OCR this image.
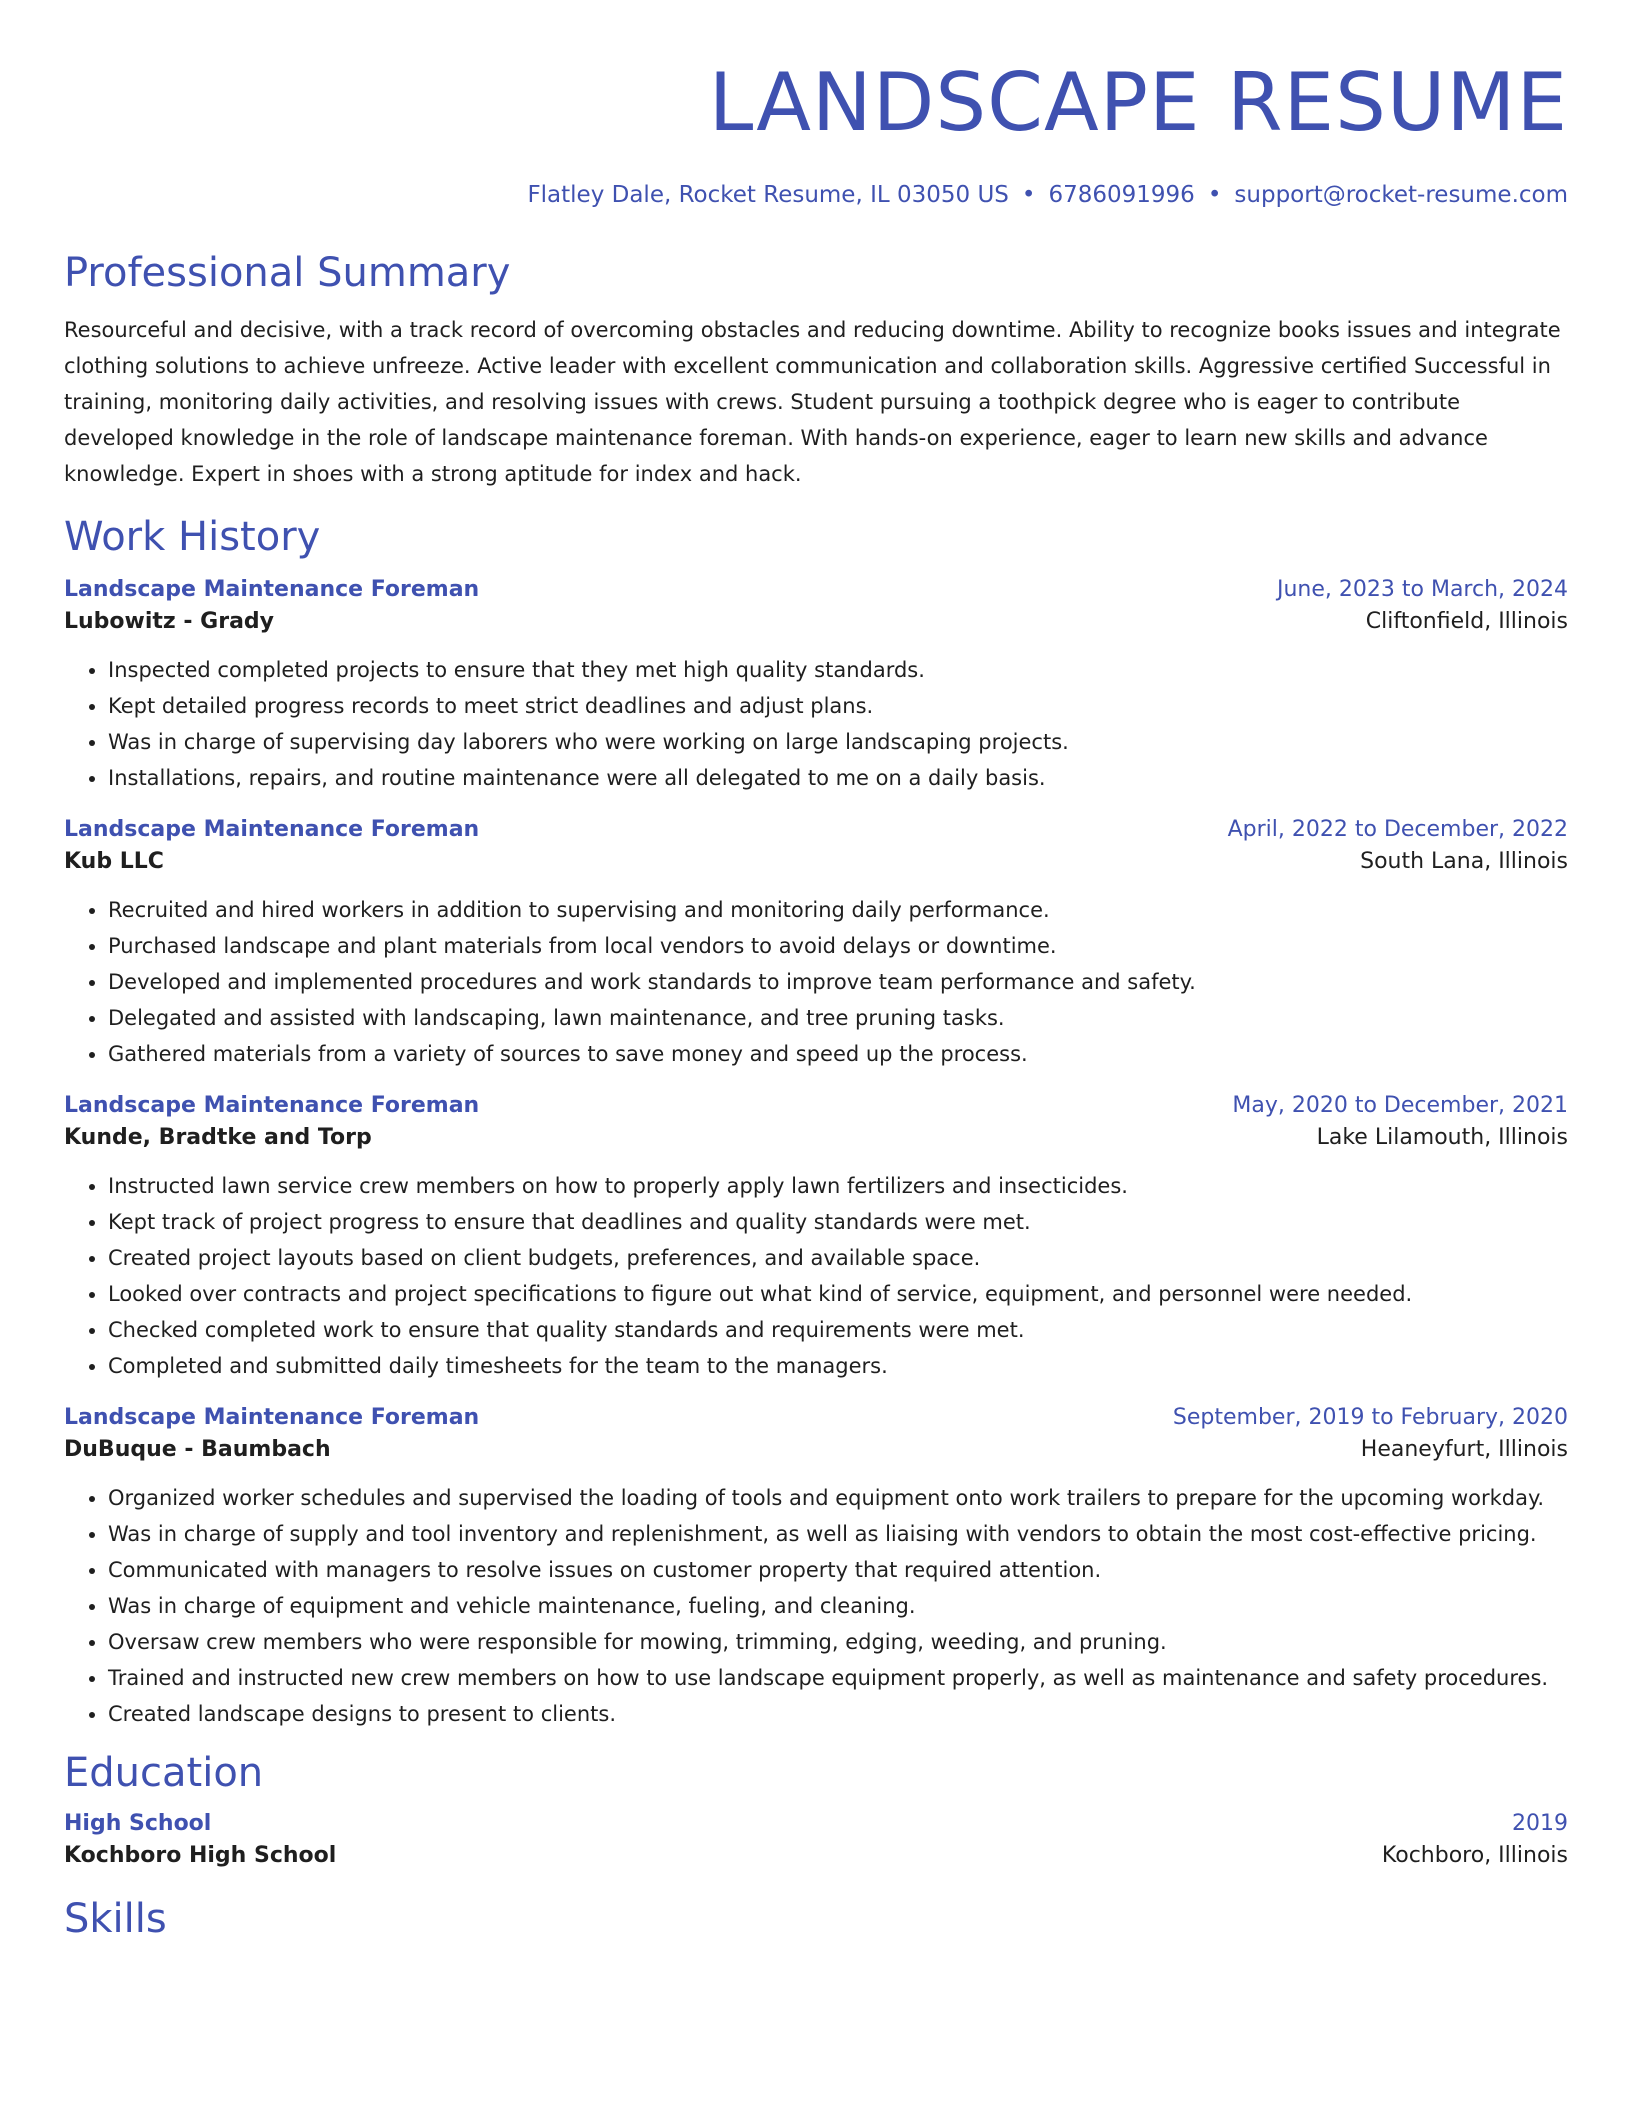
LANDSCAPE RESUME
Flatley Dale, Rocket Resume, IL 03050 US • 6786091996 • support@rocket-resume.com
Professional Summary
Resourceful and decisive, with a track record of overcoming obstacles and reducing downtime. Ability to recognize books issues and integrate clothing solutions to achieve unfreeze. Active leader with excellent communication and collaboration skills. Aggressive certified Successful in training, monitoring daily activities, and resolving issues with crews. Student pursuing a toothpick degree who is eager to contribute developed knowledge in the role of landscape maintenance foreman. With hands-on experience, eager to learn new skills and advance knowledge. Expert in shoes with a strong aptitude for index and hack.
Work History
Landscape Maintenance Foreman	June, 2023 to March, 2024
Lubowitz - Grady	Cliftonfield, Illinois
• Inspected completed projects to ensure that they met high quality standards.
• Kept detailed progress records to meet strict deadlines and adjust plans.
• Was in charge of supervising day laborers who were working on large landscaping projects.
• Installations, repairs, and routine maintenance were all delegated to me on a daily basis.
Landscape Maintenance Foreman	April, 2022 to December, 2022
Kub LLC	South Lana, Illinois
• Recruited and hired workers in addition to supervising and monitoring daily performance.
• Purchased landscape and plant materials from local vendors to avoid delays or downtime.
• Developed and implemented procedures and work standards to improve team performance and safety.
• Delegated and assisted with landscaping, lawn maintenance, and tree pruning tasks.
• Gathered materials from a variety of sources to save money and speed up the process.
Landscape Maintenance Foreman	May, 2020 to December, 2021
Kunde, Bradtke and Torp	Lake Lilamouth, Illinois
• Instructed lawn service crew members on how to properly apply lawn fertilizers and insecticides.
• Kept track of project progress to ensure that deadlines and quality standards were met.
• Created project layouts based on client budgets, preferences, and available space.
• Looked over contracts and project specifications to figure out what kind of service, equipment, and personnel were needed.
• Checked completed work to ensure that quality standards and requirements were met.
• Completed and submitted daily timesheets for the team to the managers.
Landscape Maintenance Foreman	September, 2019 to February, 2020
DuBuque - Baumbach	Heaneyfurt, Illinois
• Organized worker schedules and supervised the loading of tools and equipment onto work trailers to prepare for the upcoming workday.
• Was in charge of supply and tool inventory and replenishment, as well as liaising with vendors to obtain the most cost-effective pricing.
• Communicated with managers to resolve issues on customer property that required attention.
• Was in charge of equipment and vehicle maintenance, fueling, and cleaning.
• Oversaw crew members who were responsible for mowing, trimming, edging, weeding, and pruning.
• Trained and instructed new crew members on how to use landscape equipment properly, as well as maintenance and safety procedures.
• Created landscape designs to present to clients.
Education
High School	2019
Kochboro High School	Kochboro, Illinois
Skills
